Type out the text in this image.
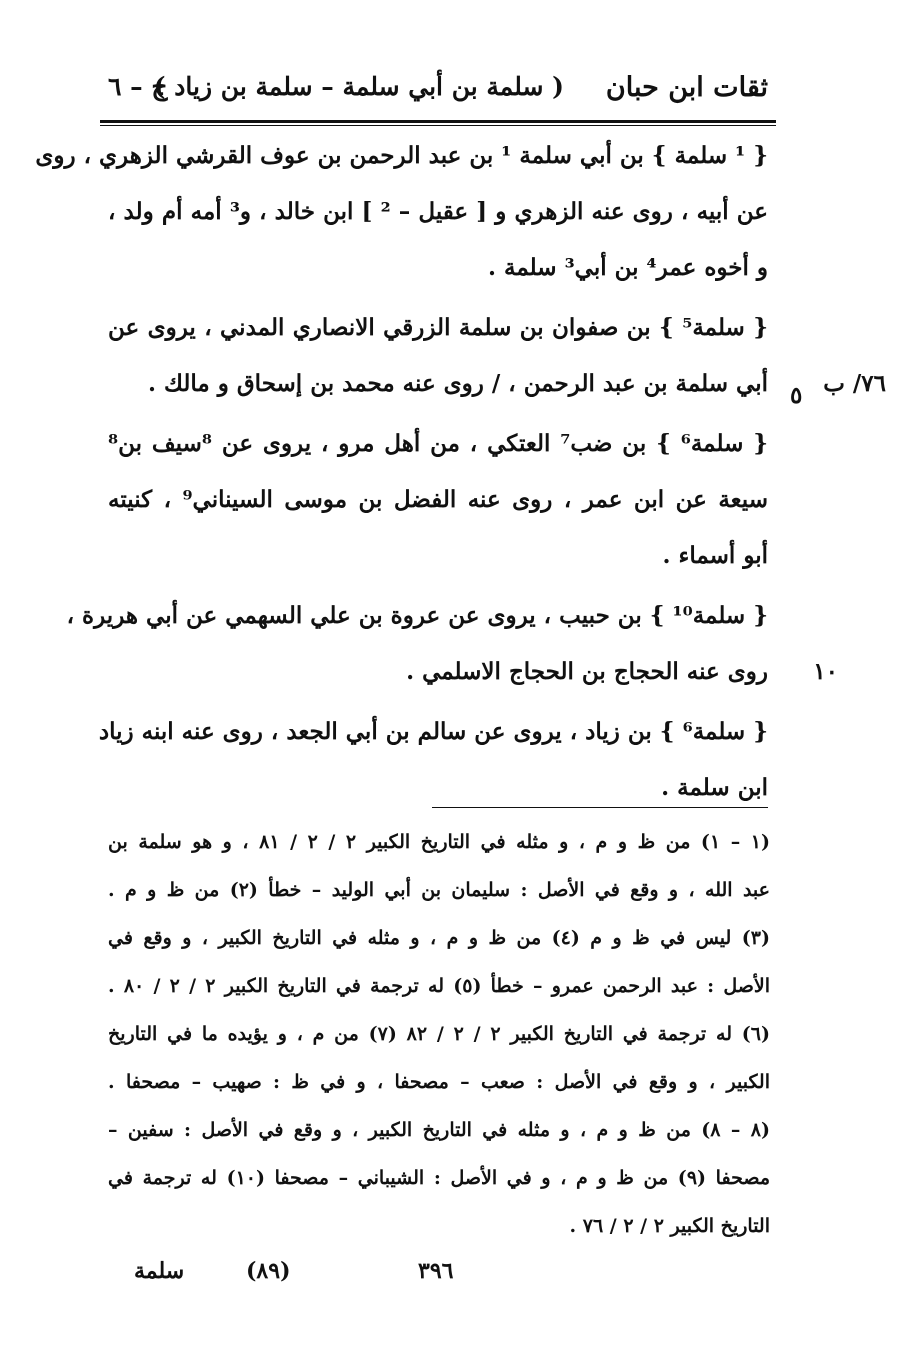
ثقات ابن حبان
( سلمة بن أبي سلمة – سلمة بن زياد )
ج – ٦
{ ¹ سلمة } بن أبي سلمة ¹ بن عبد الرحمن بن عوف القرشي الزهري ، روى
عن أبيه ، روى عنه الزهري و [ عقيل – ² ] ابن خالد ، و³ أمه أم ولد ،
و أخوه عمر⁴ بن أبي³ سلمة .
{ سلمة⁵ } بن صفوان بن سلمة الزرقي الانصاري المدني ، يروى عن
أبي سلمة بن عبد الرحمن ، / روى عنه محمد بن إسحاق و مالك . ٧٦/ ب
{ سلمة⁶ } بن ضب⁷ العتكي ، من أهل مرو ، يروى عن ⁸سيف بن⁸
سيعة عن ابن عمر ، روى عنه الفضل بن موسى السيناني⁹ ، كنيته
أبو أسماء .
{ سلمة¹⁰ } بن حبيب ، يروى عن عروة بن علي السهمي عن أبي هريرة ،
روى عنه الحجاج بن الحجاج الاسلمي . ١٠
{ سلمة⁶ } بن زياد ، يروى عن سالم بن أبي الجعد ، روى عنه ابنه زياد
ابن سلمة .
٥
(١ – ١) من ظ و م ، و مثله في التاريخ الكبير ٢ / ٢ / ٨١ ، و هو سلمة بن
عبد الله ، و وقع في الأصل : سليمان بن أبي الوليد – خطأ (٢) من ظ و م .
(٣) ليس في ظ و م (٤) من ظ و م ، و مثله في التاريخ الكبير ، و وقع في
الأصل : عبد الرحمن عمرو – خطأ (٥) له ترجمة في التاريخ الكبير ٢ / ٢ / ٨٠ .
(٦) له ترجمة في التاريخ الكبير ٢ / ٢ / ٨٢ (٧) من م ، و يؤيده ما في التاريخ
الكبير ، و وقع في الأصل : صعب – مصحفا ، و في ظ : صهيب – مصحفا .
(٨ – ٨) من ظ و م ، و مثله في التاريخ الكبير ، و وقع في الأصل : سفين –
مصحفا (٩) من ظ و م ، و في الأصل : الشيباني – مصحفا (١٠) له ترجمة في
التاريخ الكبير ٢ / ٢ / ٧٦ .
٣٩٦
(٨٩)
سلمة
